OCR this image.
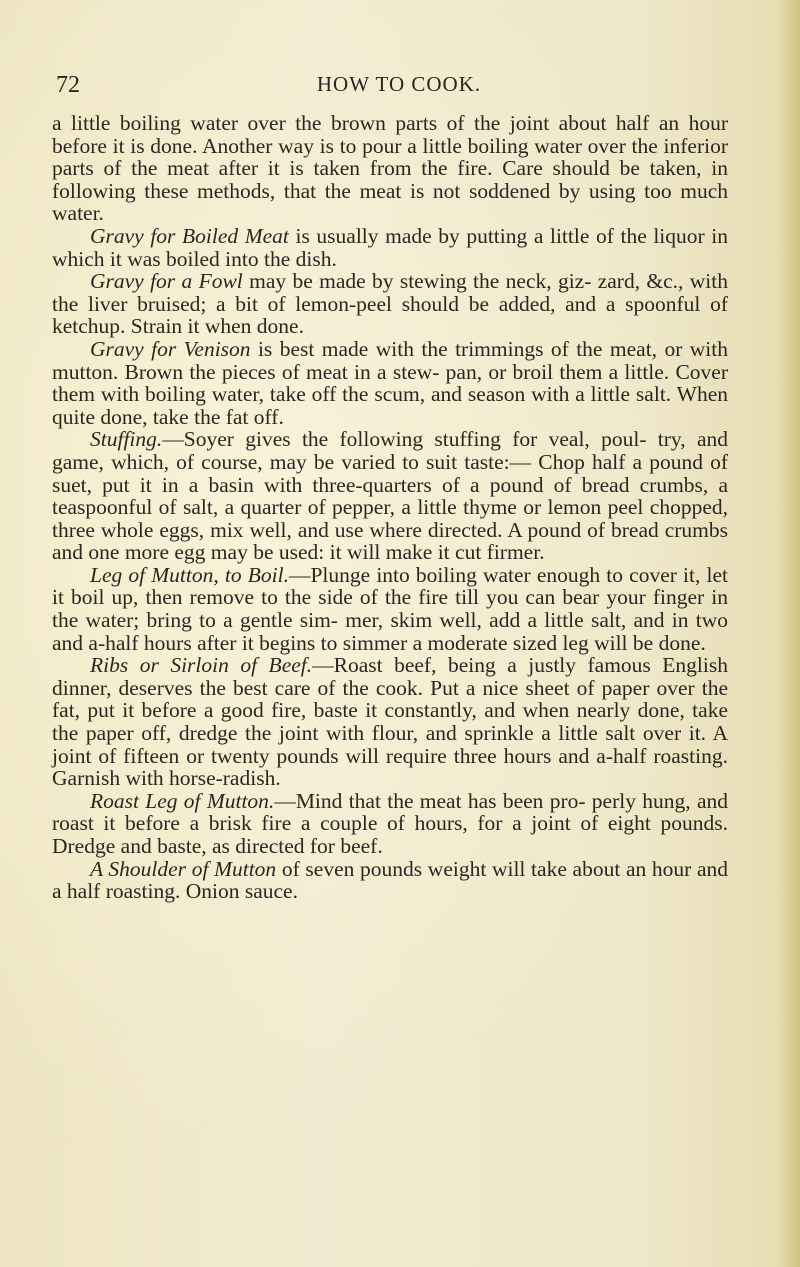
72	HOW TO COOK.

a little boiling water over the brown parts of the joint about half an hour before it is done. Another way is to pour a little boiling water over the inferior parts of the meat after it is taken from the fire. Care should be taken, in following these methods, that the meat is not soddened by using too much water.

Gravy for Boiled Meat is usually made by putting a little of the liquor in which it was boiled into the dish.

Gravy for a Fowl may be made by stewing the neck, giz- zard, &c., with the liver bruised; a bit of lemon-peel should be added, and a spoonful of ketchup. Strain it when done.

Gravy for Venison is best made with the trimmings of the meat, or with mutton. Brown the pieces of meat in a stew- pan, or broil them a little. Cover them with boiling water, take off the scum, and season with a little salt. When quite done, take the fat off.

Stuffing.—Soyer gives the following stuffing for veal, poul- try, and game, which, of course, may be varied to suit taste:— Chop half a pound of suet, put it in a basin with three-quarters of a pound of bread crumbs, a teaspoonful of salt, a quarter of pepper, a little thyme or lemon peel chopped, three whole eggs, mix well, and use where directed. A pound of bread crumbs and one more egg may be used: it will make it cut firmer.

Leg of Mutton, to Boil.—Plunge into boiling water enough to cover it, let it boil up, then remove to the side of the fire till you can bear your finger in the water; bring to a gentle sim- mer, skim well, add a little salt, and in two and a-half hours after it begins to simmer a moderate sized leg will be done.

Ribs or Sirloin of Beef.—Roast beef, being a justly famous English dinner, deserves the best care of the cook. Put a nice sheet of paper over the fat, put it before a good fire, baste it constantly, and when nearly done, take the paper off, dredge the joint with flour, and sprinkle a little salt over it. A joint of fifteen or twenty pounds will require three hours and a-half roasting. Garnish with horse-radish.

Roast Leg of Mutton.—Mind that the meat has been pro- perly hung, and roast it before a brisk fire a couple of hours, for a joint of eight pounds. Dredge and baste, as directed for beef.

A Shoulder of Mutton of seven pounds weight will take about an hour and a half roasting. Onion sauce.
